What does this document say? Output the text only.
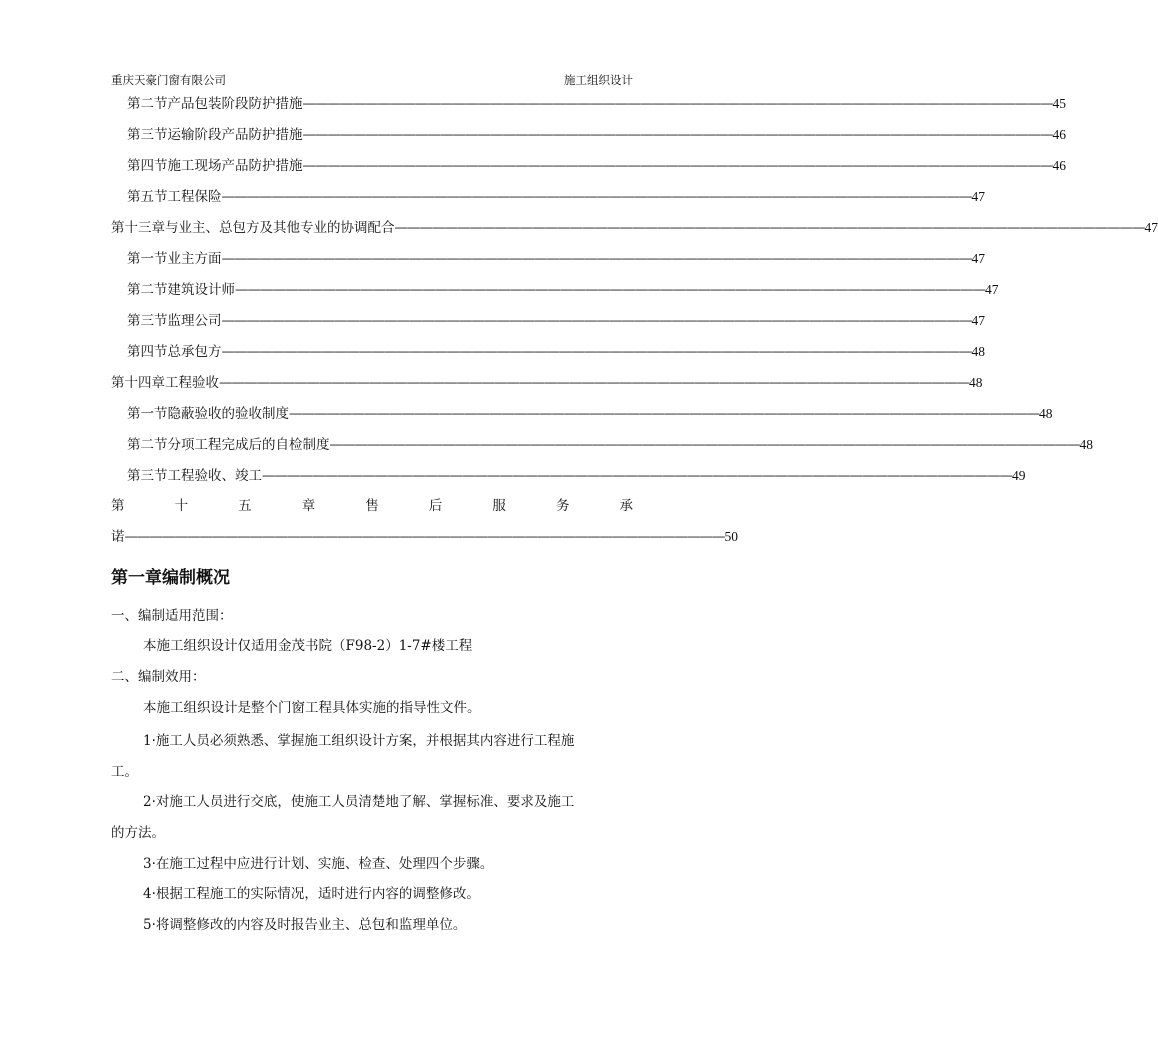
重庆天豪门窗有限公司	施工组织设计
第二节产品包装阶段防护措施 ———————————————————————————————————————————————————————————— 45
第三节运输阶段产品防护措施 ———————————————————————————————————————————————————————————— 46
第四节施工现场产品防护措施 ———————————————————————————————————————————————————————————— 46
第五节工程保险 ———————————————————————————————————————————————————————————— 47
第十三章与业主、总包方及其他专业的协调配合 ———————————————————————————————————————————————————————————— 47
第一节业主方面 ———————————————————————————————————————————————————————————— 47
第二节建筑设计师 ———————————————————————————————————————————————————————————— 47
第三节监理公司 ———————————————————————————————————————————————————————————— 47
第四节总承包方 ———————————————————————————————————————————————————————————— 48
第十四章工程验收 ———————————————————————————————————————————————————————————— 48
第一节隐蔽验收的验收制度 ———————————————————————————————————————————————————————————— 48
第二节分项工程完成后的自检制度 ———————————————————————————————————————————————————————————— 48
第三节工程验收、竣工 ———————————————————————————————————————————————————————————— 49
第	十	五	章	售	后	服	务	承
诺 ———————————————————————————————————————————————— 50
第一章编制概况
一、编制适用范围：
本施工组织设计仅适用金茂书院（F98-2）1-7#楼工程
二、编制效用：
本施工组织设计是整个门窗工程具体实施的指导性文件。
1·施工人员必须熟悉、掌握施工组织设计方案，并根据其内容进行工程施
工。
2·对施工人员进行交底，使施工人员清楚地了解、掌握标准、要求及施工
的方法。
3·在施工过程中应进行计划、实施、检查、处理四个步骤。
4·根据工程施工的实际情况，适时进行内容的调整修改。
5·将调整修改的内容及时报告业主、总包和监理单位。
